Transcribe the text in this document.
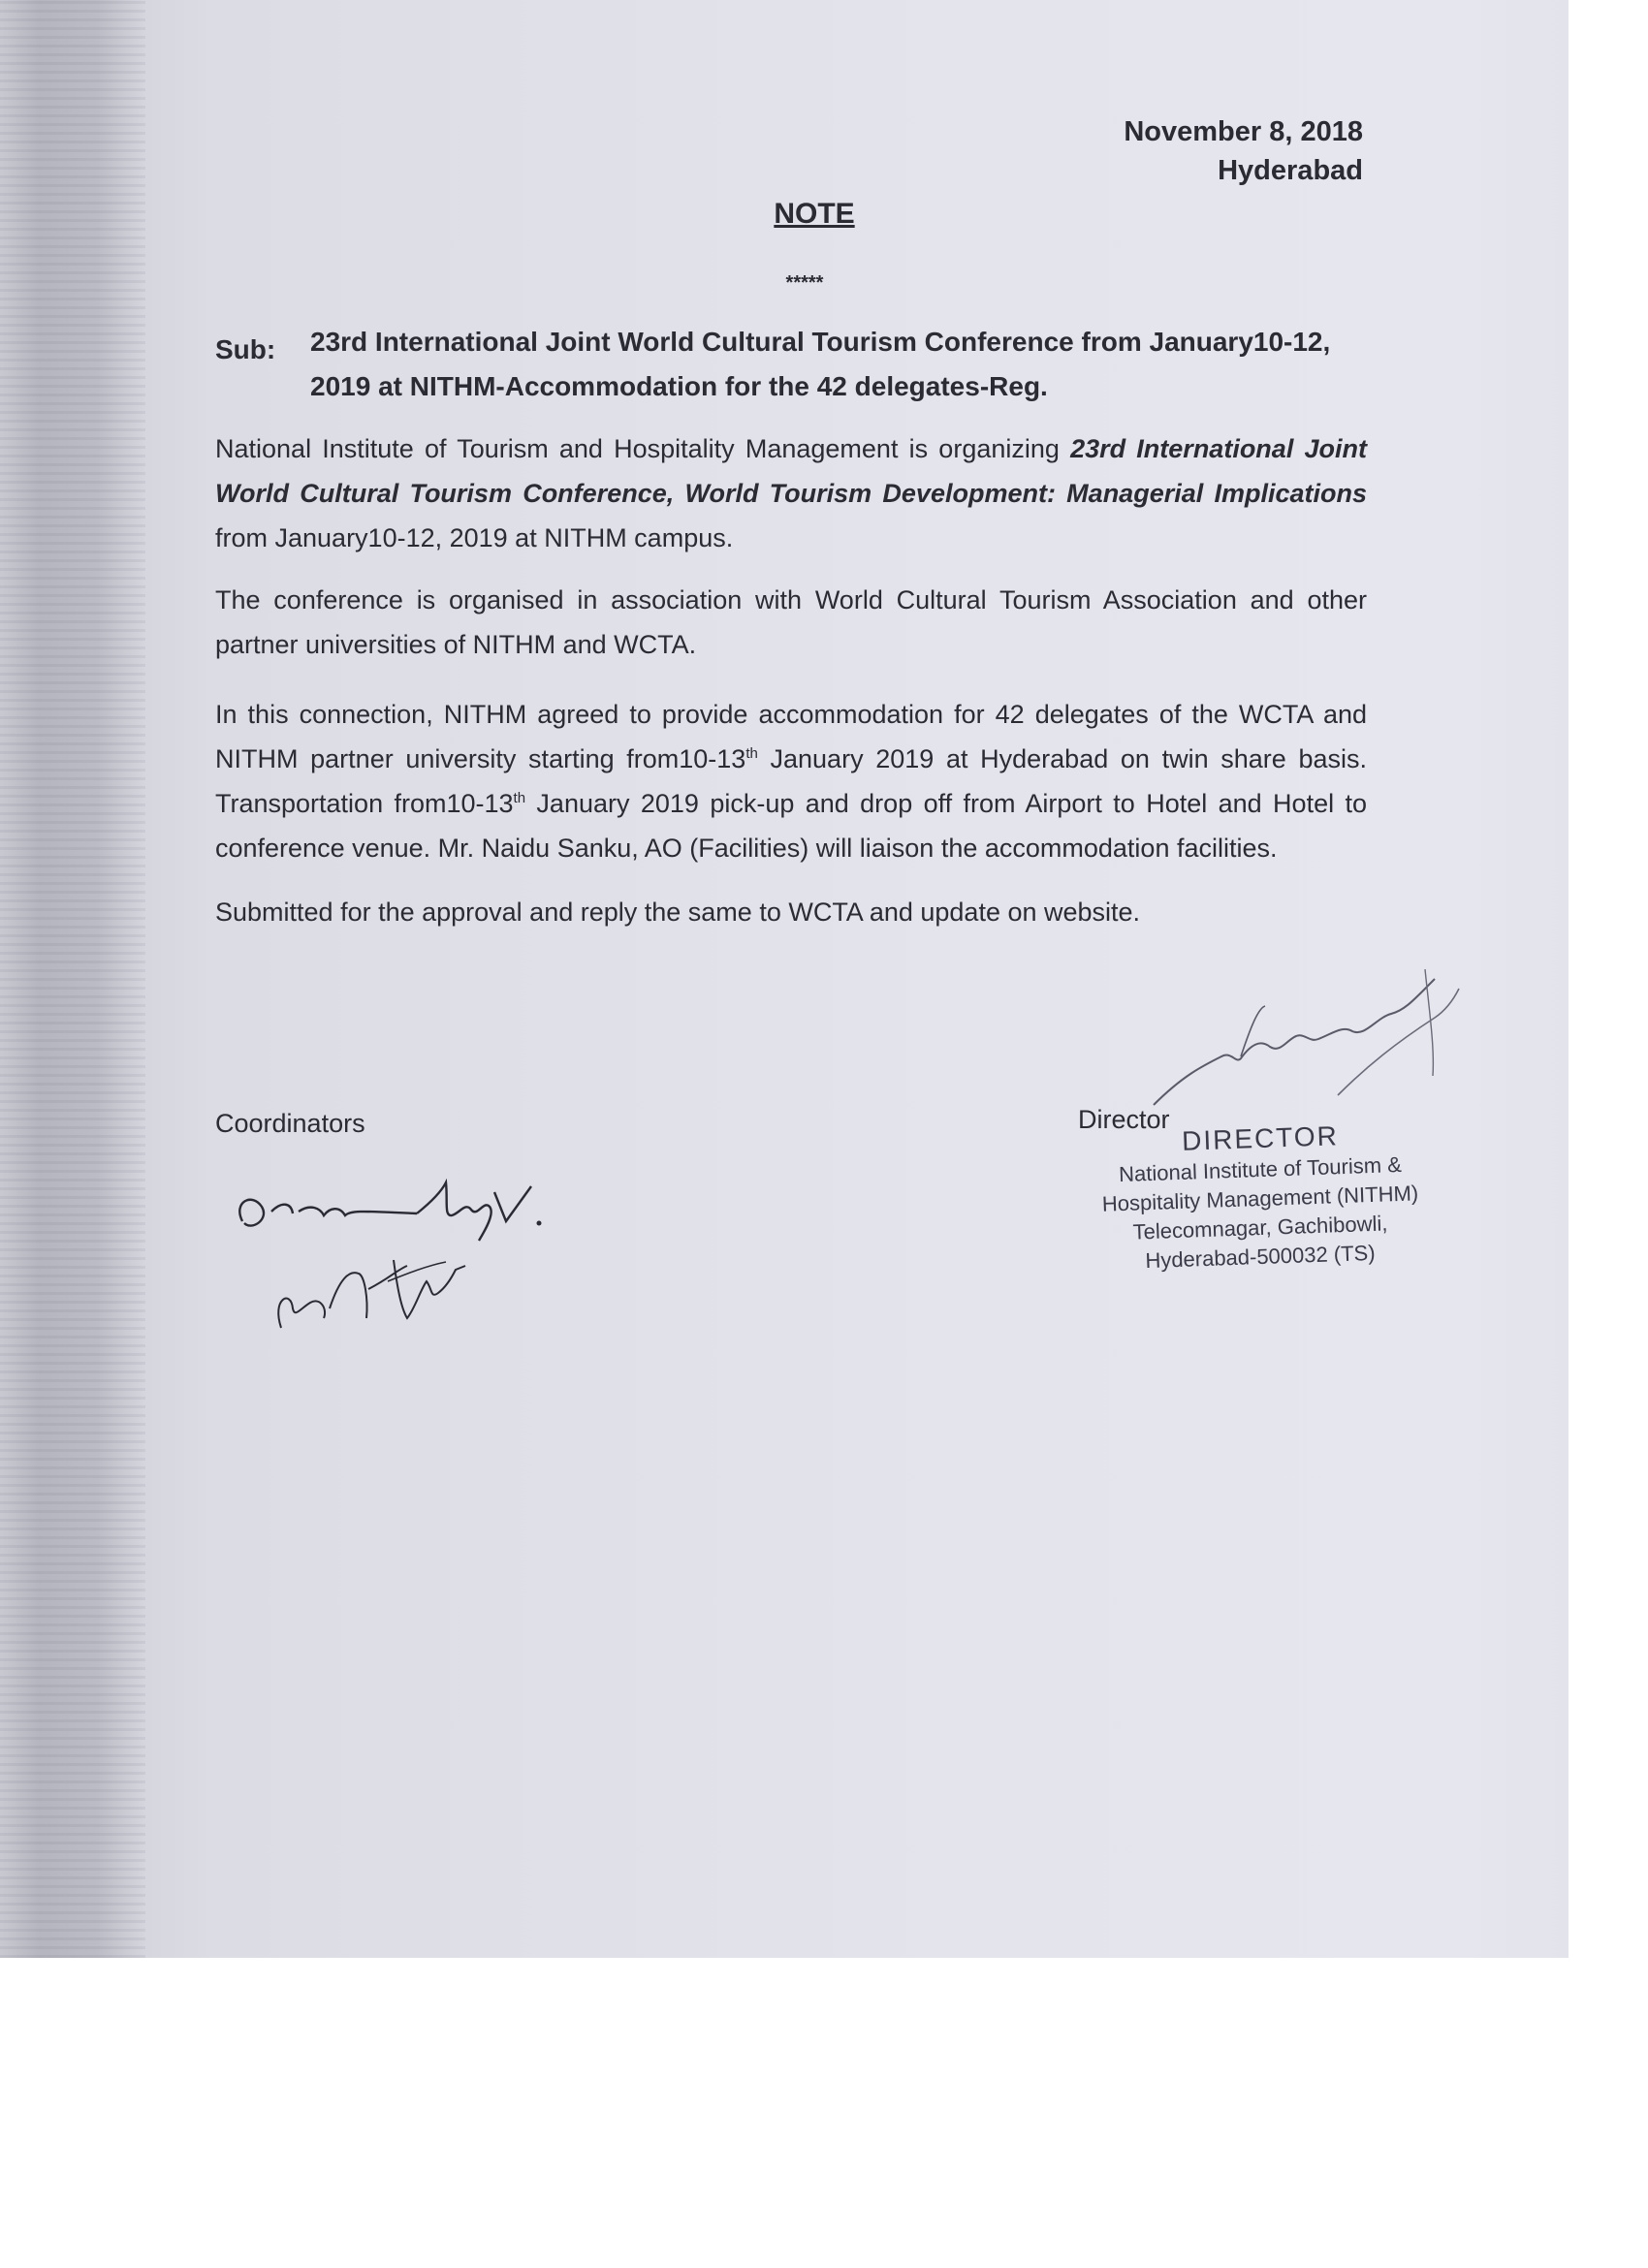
November 8, 2018
Hyderabad
NOTE
*****
Sub: 23rd International Joint World Cultural Tourism Conference from January10-12, 2019 at NITHM-Accommodation for the 42 delegates-Reg.
National Institute of Tourism and Hospitality Management is organizing 23rd International Joint World Cultural Tourism Conference, World Tourism Development: Managerial Implications from January10-12, 2019 at NITHM campus.
The conference is organised in association with World Cultural Tourism Association and other partner universities of NITHM and WCTA.
In this connection, NITHM agreed to provide accommodation for 42 delegates of the WCTA and NITHM partner university starting from10-13th January 2019 at Hyderabad on twin share basis. Transportation from10-13th January 2019 pick-up and drop off from Airport to Hotel and Hotel to conference venue. Mr. Naidu Sanku, AO (Facilities) will liaison the accommodation facilities.
Submitted for the approval and reply the same to WCTA and update on website.
Coordinators	Director
DIRECTOR
National Institute of Tourism &
Hospitality Management (NITHM)
Telecomnagar, Gachibowli,
Hyderabad-500032 (TS)
